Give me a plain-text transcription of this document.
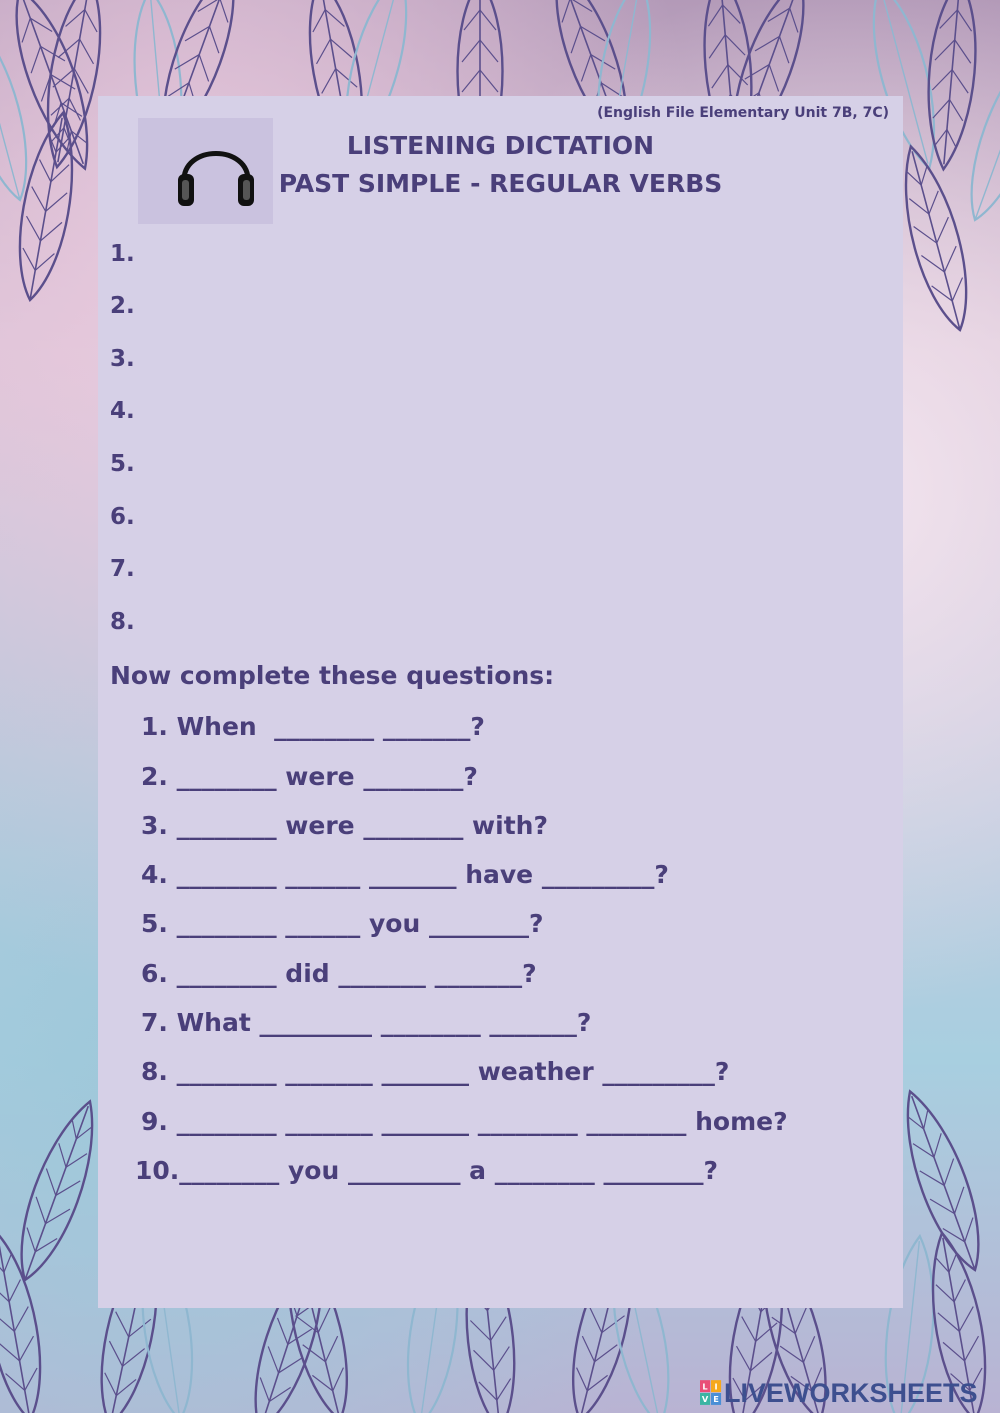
(English File Elementary Unit 7B, 7C)
LISTENING DICTATION
PAST SIMPLE - REGULAR VERBS
1.
2.
3.
4.
5.
6.
7.
8.
Now complete these questions:
1. When  ________ _______?
2. ________ were ________?
3. ________ were ________ with?
4. ________ ______ _______ have _________?
5. ________ ______ you ________?
6. ________ did _______ _______?
7. What _________ ________ _______?
8. ________ _______ _______ weather _________?
9. ________ _______ _______ ________ ________ home?
10.________ you _________ a ________ ________?
L I
V E LIVEWORKSHEETS
